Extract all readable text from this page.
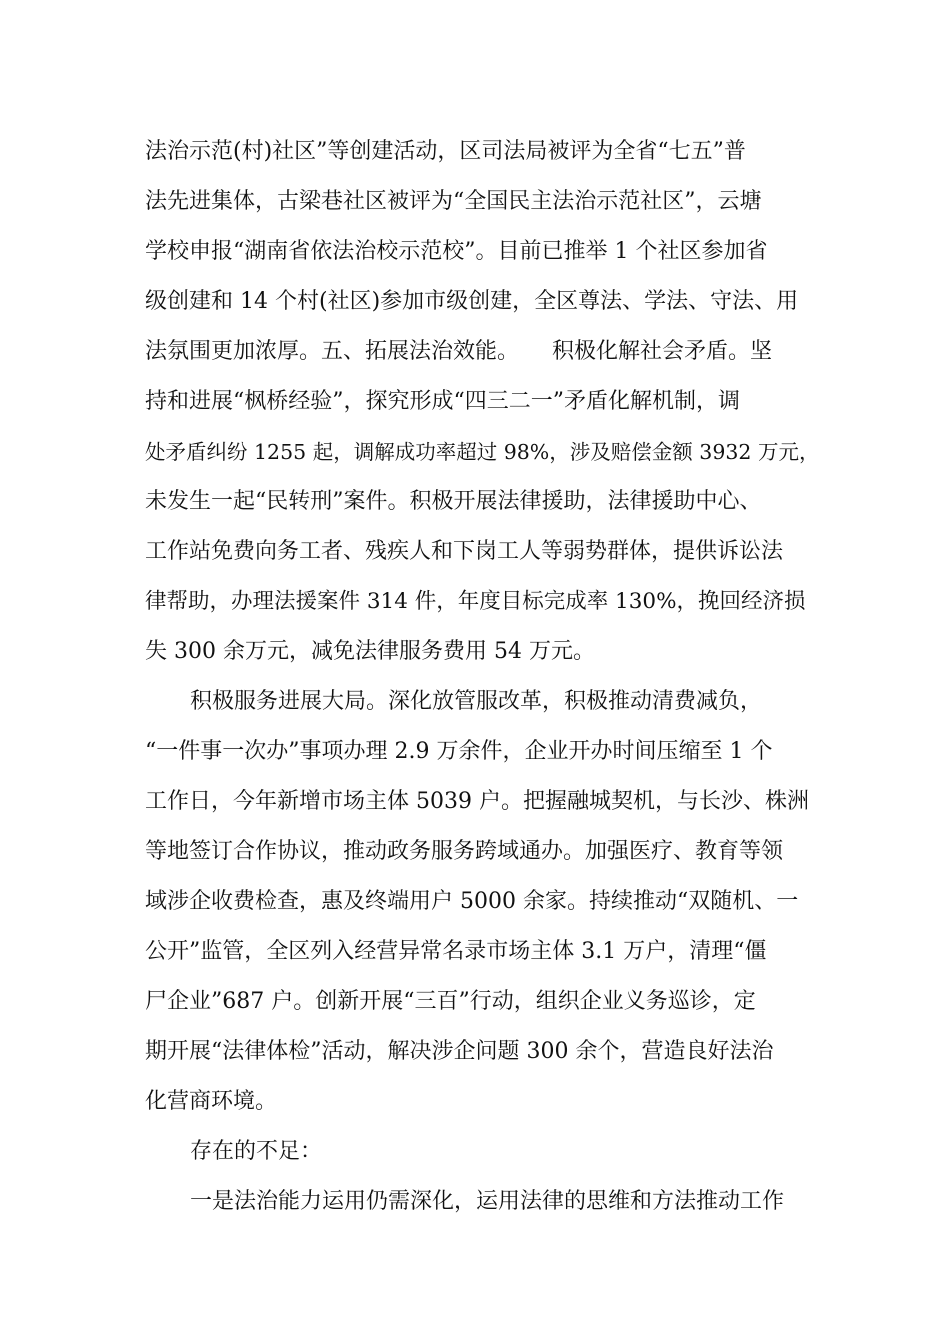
法治示范(村)社区”等创建活动，区司法局被评为全省“七五”普

法先进集体，古梁巷社区被评为“全国民主法治示范社区”，云塘

学校申报“湖南省依法治校示范校”。目前已推举 1 个社区参加省

级创建和 14 个村(社区)参加市级创建，全区尊法、学法、守法、用

法氛围更加浓厚。五、拓展法治效能。　　积极化解社会矛盾。坚

持和进展“枫桥经验”，探究形成“四三二一”矛盾化解机制，调

处矛盾纠纷 1255 起，调解成功率超过 98%，涉及赔偿金额 3932 万元，

未发生一起“民转刑”案件。积极开展法律援助，法律援助中心、

工作站免费向务工者、残疾人和下岗工人等弱势群体，提供诉讼法

律帮助，办理法援案件 314 件，年度目标完成率 130%，挽回经济损

失 300 余万元，减免法律服务费用 54 万元。

积极服务进展大局。深化放管服改革，积极推动清费减负，

“一件事一次办”事项办理 2.9 万余件，企业开办时间压缩至 1 个

工作日，今年新增市场主体 5039 户。把握融城契机，与长沙、株洲

等地签订合作协议，推动政务服务跨域通办。加强医疗、教育等领

域涉企收费检查，惠及终端用户 5000 余家。持续推动“双随机、一

公开”监管，全区列入经营异常名录市场主体 3.1 万户，清理“僵

尸企业”687 户。创新开展“三百”行动，组织企业义务巡诊，定

期开展“法律体检”活动，解决涉企问题 300 余个，营造良好法治

化营商环境。

存在的不足：

一是法治能力运用仍需深化，运用法律的思维和方法推动工作
